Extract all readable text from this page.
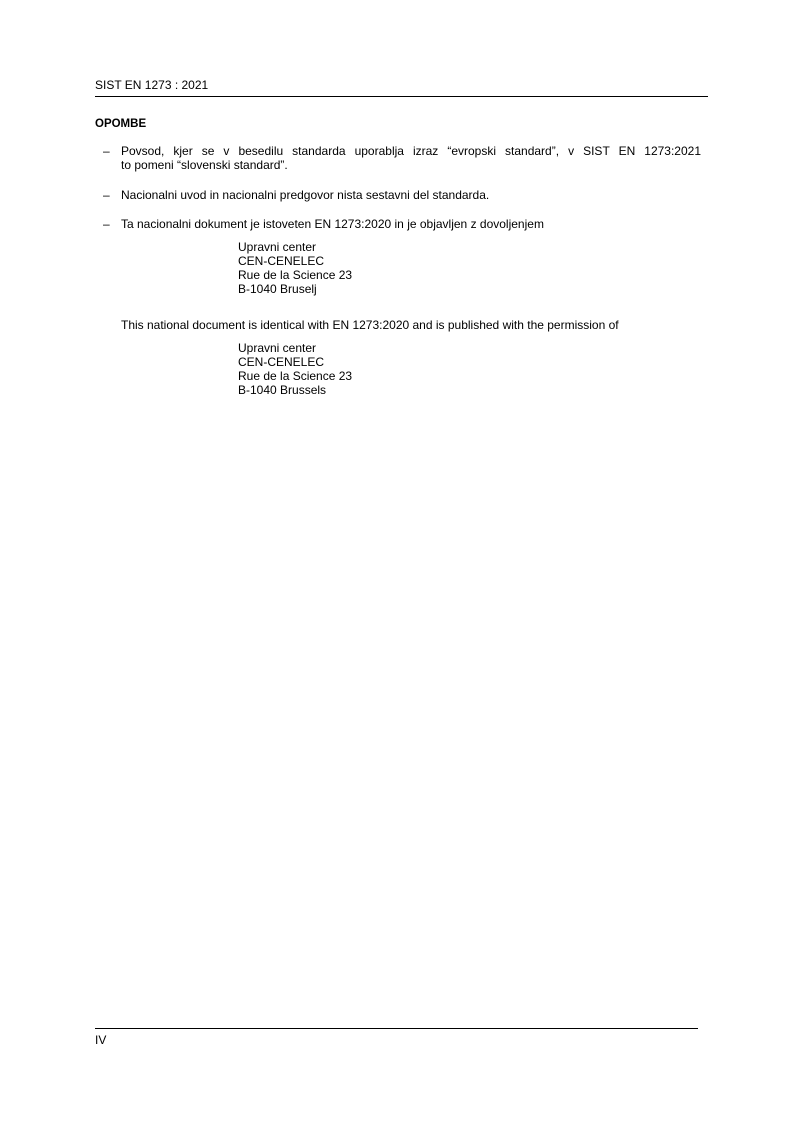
SIST EN 1273 : 2021
OPOMBE
– Povsod, kjer se v besedilu standarda uporablja izraz “evropski standard”, v SIST EN 1273:2021
to pomeni “slovenski standard”.
– Nacionalni uvod in nacionalni predgovor nista sestavni del standarda.
– Ta nacionalni dokument je istoveten EN 1273:2020 in je objavljen z dovoljenjem
Upravni center
CEN-CENELEC
Rue de la Science 23
B-1040 Bruselj
This national document is identical with EN 1273:2020 and is published with the permission of
Upravni center
CEN-CENELEC
Rue de la Science 23
B-1040 Brussels
IV
